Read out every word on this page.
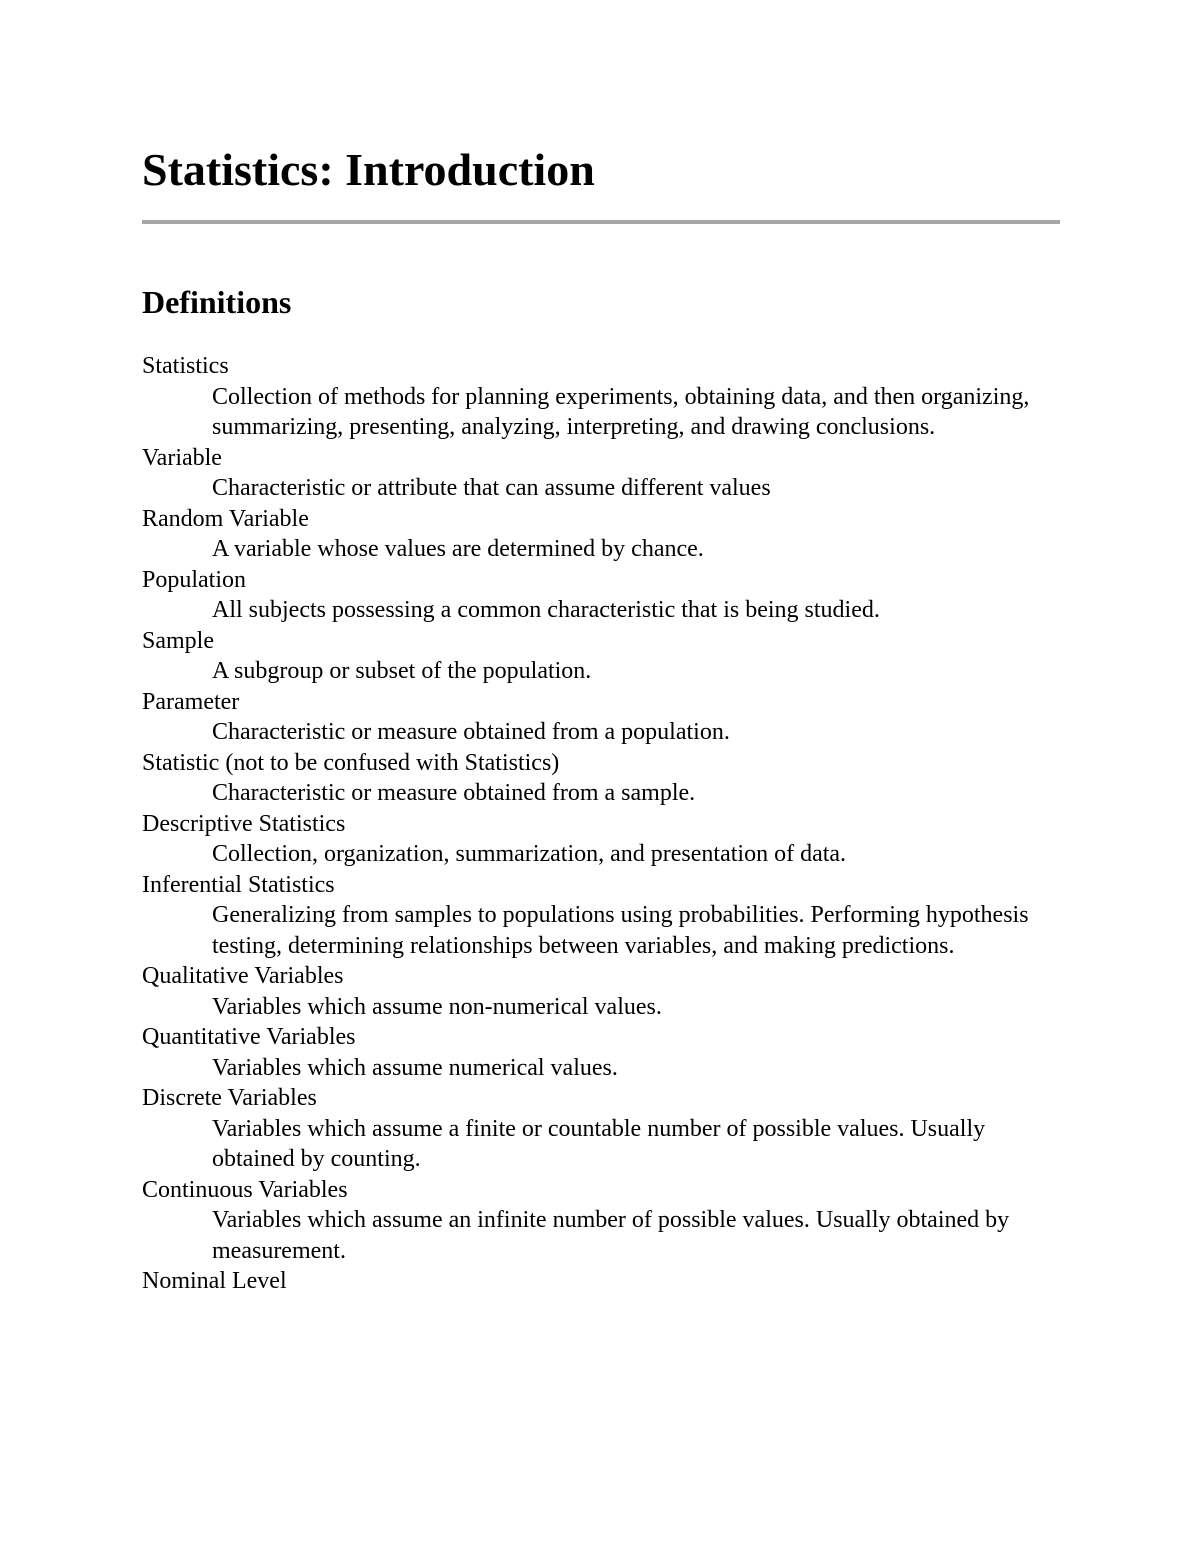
Statistics: Introduction
Definitions
Statistics
Collection of methods for planning experiments, obtaining data, and then organizing, summarizing, presenting, analyzing, interpreting, and drawing conclusions.
Variable
Characteristic or attribute that can assume different values
Random Variable
A variable whose values are determined by chance.
Population
All subjects possessing a common characteristic that is being studied.
Sample
A subgroup or subset of the population.
Parameter
Characteristic or measure obtained from a population.
Statistic (not to be confused with Statistics)
Characteristic or measure obtained from a sample.
Descriptive Statistics
Collection, organization, summarization, and presentation of data.
Inferential Statistics
Generalizing from samples to populations using probabilities. Performing hypothesis testing, determining relationships between variables, and making predictions.
Qualitative Variables
Variables which assume non-numerical values.
Quantitative Variables
Variables which assume numerical values.
Discrete Variables
Variables which assume a finite or countable number of possible values. Usually obtained by counting.
Continuous Variables
Variables which assume an infinite number of possible values. Usually obtained by measurement.
Nominal Level
